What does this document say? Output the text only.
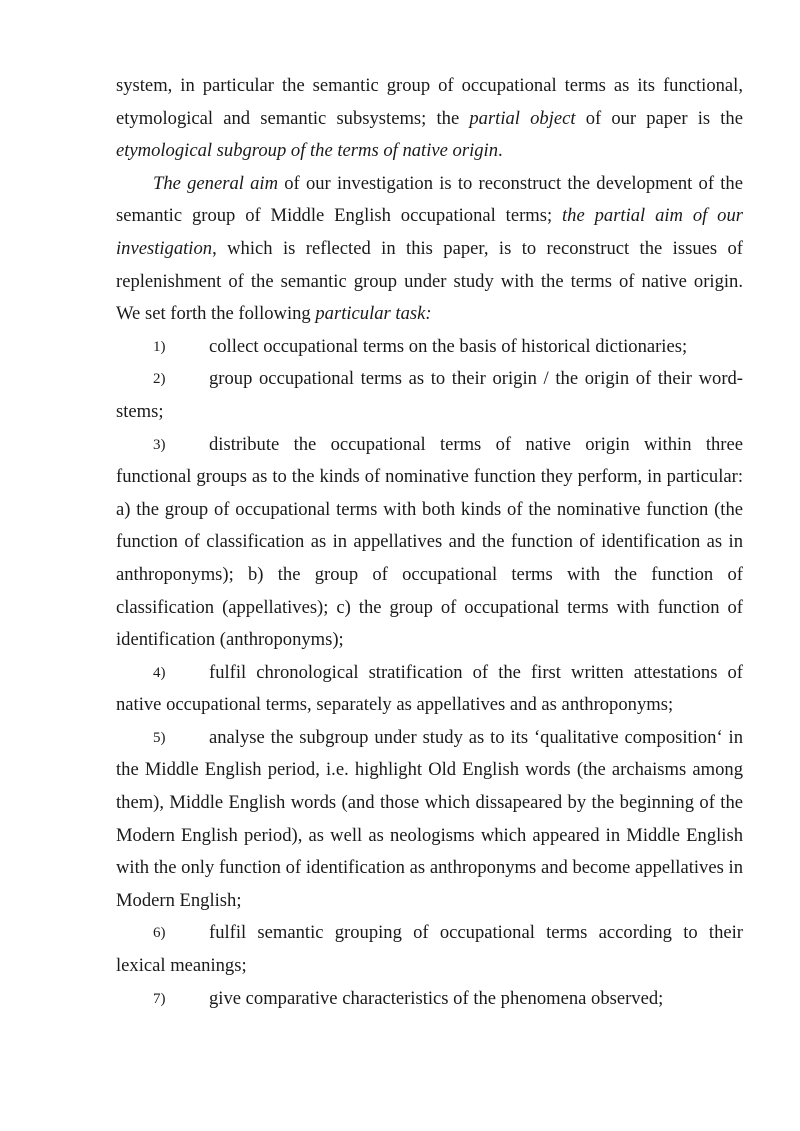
system, in particular the semantic group of occupational terms as its functional, etymological and semantic subsystems; the partial object of our paper is the etymological subgroup of the terms of native origin.

The general aim of our investigation is to reconstruct the development of the semantic group of Middle English occupational terms; the partial aim of our investigation, which is reflected in this paper, is to reconstruct the issues of replenishment of the semantic group under study with the terms of native origin. We set forth the following particular task:

1) collect occupational terms on the basis of historical dictionaries;

2) group occupational terms as to their origin / the origin of their word-stems;

3) distribute the occupational terms of native origin within three functional groups as to the kinds of nominative function they perform, in particular: a) the group of occupational terms with both kinds of the nominative function (the function of classification as in appellatives and the function of identification as in anthroponyms); b) the group of occupational terms with the function of classification (appellatives); c) the group of occupational terms with function of identification (anthroponyms);

4) fulfil chronological stratification of the first written attestations of native occupational terms, separately as appellatives and as anthroponyms;

5) analyse the subgroup under study as to its ‘qualitative composition‘ in the Middle English period, i.e. highlight Old English words (the archaisms among them), Middle English words (and those which dissapeared by the beginning of the Modern English period), as well as neologisms which appeared in Middle English with the only function of identification as anthroponyms and become appellatives in Modern English;

6) fulfil semantic grouping of occupational terms according to their lexical meanings;

7) give comparative characteristics of the phenomena observed;
